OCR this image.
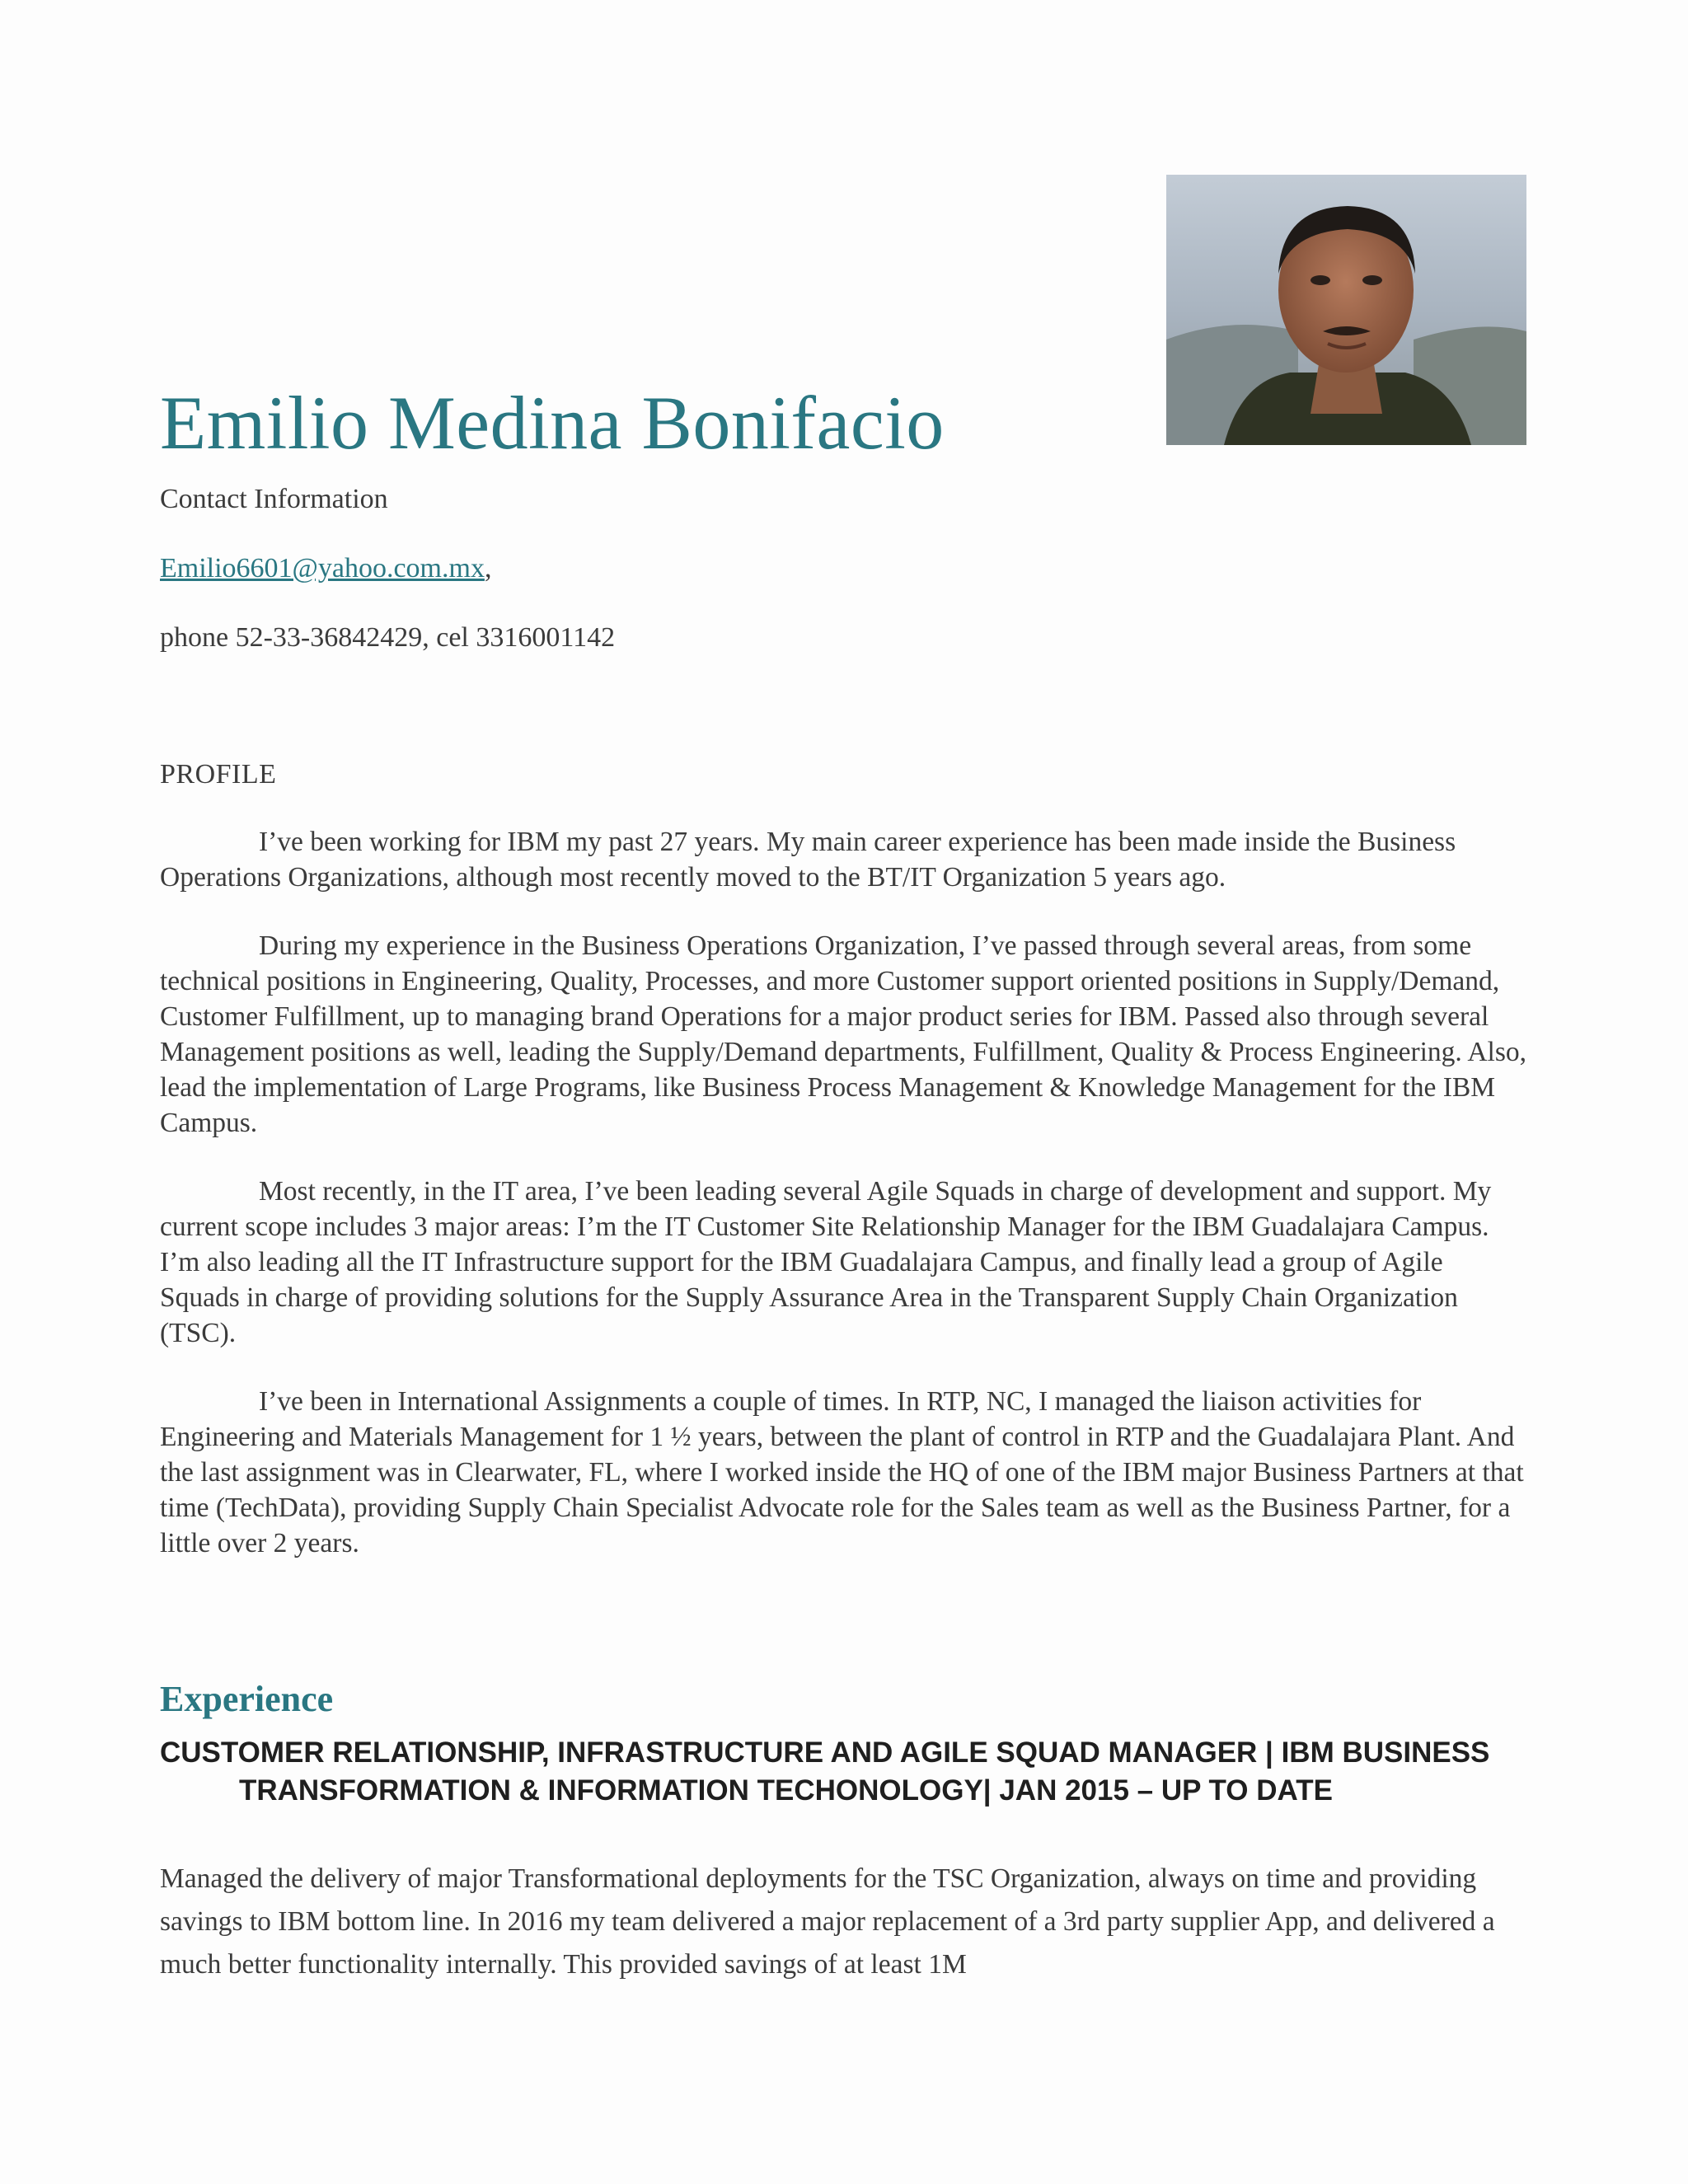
Emilio Medina Bonifacio
Contact Information
Emilio6601@yahoo.com.mx,
phone 52-33-36842429, cel 3316001142
PROFILE

I’ve been working for IBM my past 27 years. My main career experience has been made inside the Business Operations Organizations, although most recently moved to the BT/IT Organization 5 years ago.

During my experience in the Business Operations Organization, I’ve passed through several areas, from some technical positions in Engineering, Quality, Processes, and more Customer support oriented positions in Supply/Demand, Customer Fulfillment, up to managing brand Operations for a major product series for IBM. Passed also through several Management positions as well, leading the Supply/Demand departments, Fulfillment, Quality & Process Engineering. Also, lead the implementation of Large Programs, like Business Process Management & Knowledge Management for the IBM Campus.

Most recently, in the IT area, I’ve been leading several Agile Squads in charge of development and support. My current scope includes 3 major areas: I’m the IT Customer Site Relationship Manager for the IBM Guadalajara Campus. I’m also leading all the IT Infrastructure support for the IBM Guadalajara Campus, and finally lead a group of Agile Squads in charge of providing solutions for the Supply Assurance Area in the Transparent Supply Chain Organization (TSC).

I’ve been in International Assignments a couple of times. In RTP, NC, I managed the liaison activities for Engineering and Materials Management for 1 ½ years, between the plant of control in RTP and the Guadalajara Plant. And the last assignment was in Clearwater, FL, where I worked inside the HQ of one of the IBM major Business Partners at that time (TechData), providing Supply Chain Specialist Advocate role for the Sales team as well as the Business Partner, for a little over 2 years.

Experience
CUSTOMER RELATIONSHIP, INFRASTRUCTURE AND AGILE SQUAD MANAGER | IBM BUSINESS TRANSFORMATION & INFORMATION TECHONOLOGY| JAN 2015 – UP TO DATE

Managed the delivery of major Transformational deployments for the TSC Organization, always on time and providing savings to IBM bottom line. In 2016 my team delivered a major replacement of a 3rd party supplier App, and delivered a much better functionality internally. This provided savings of at least 1M
